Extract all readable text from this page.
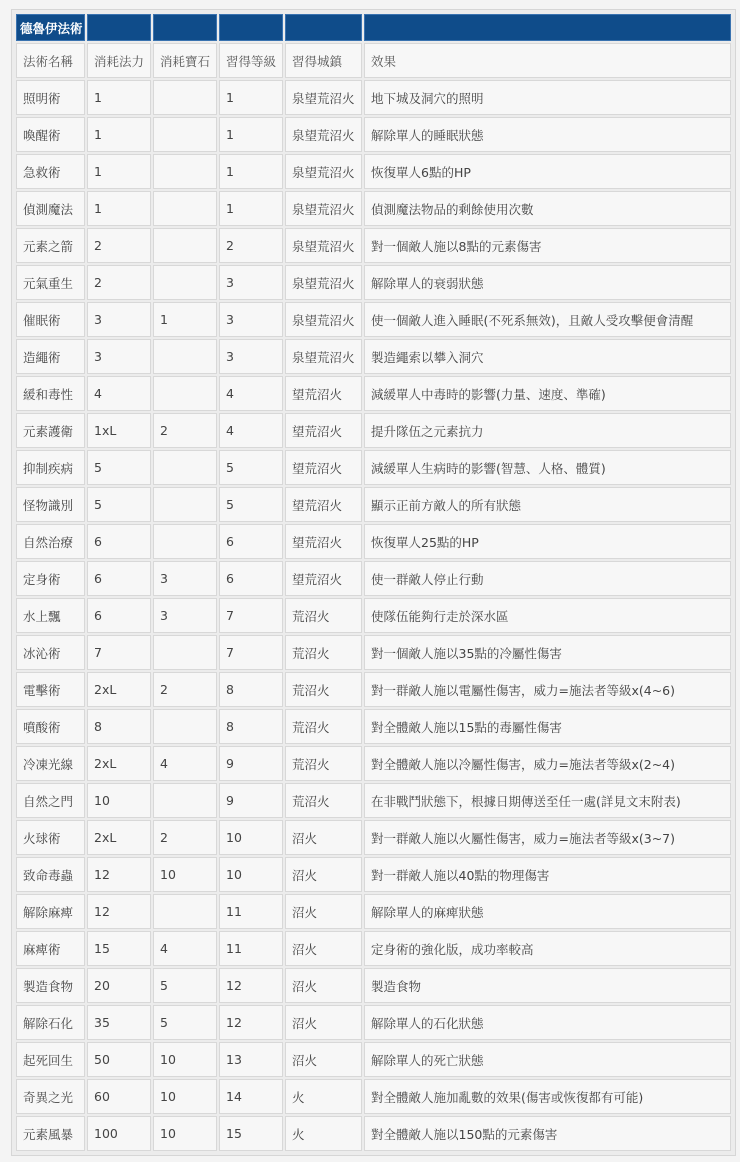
德魯伊法術					
法術名稱	消耗法力	消耗寶石	習得等級	習得城鎮	效果
照明術	1		1	泉望荒沼火	地下城及洞穴的照明
喚醒術	1		1	泉望荒沼火	解除單人的睡眠狀態
急救術	1		1	泉望荒沼火	恢復單人6點的HP
偵測魔法	1		1	泉望荒沼火	偵測魔法物品的剩餘使用次數
元素之箭	2		2	泉望荒沼火	對一個敵人施以8點的元素傷害
元氣重生	2		3	泉望荒沼火	解除單人的衰弱狀態
催眠術	3	1	3	泉望荒沼火	使一個敵人進入睡眠(不死系無效)，且敵人受攻擊便會清醒
造繩術	3		3	泉望荒沼火	製造繩索以攀入洞穴
緩和毒性	4		4	望荒沼火	減緩單人中毒時的影響(力量、速度、準確)
元素護衛	1xL	2	4	望荒沼火	提升隊伍之元素抗力
抑制疾病	5		5	望荒沼火	減緩單人生病時的影響(智慧、人格、體質)
怪物識別	5		5	望荒沼火	顯示正前方敵人的所有狀態
自然治療	6		6	望荒沼火	恢復單人25點的HP
定身術	6	3	6	望荒沼火	使一群敵人停止行動
水上飄	6	3	7	荒沼火	使隊伍能夠行走於深水區
冰沁術	7		7	荒沼火	對一個敵人施以35點的冷屬性傷害
電擊術	2xL	2	8	荒沼火	對一群敵人施以電屬性傷害，威力=施法者等級x(4~6)
噴酸術	8		8	荒沼火	對全體敵人施以15點的毒屬性傷害
冷凍光線	2xL	4	9	荒沼火	對全體敵人施以冷屬性傷害，威力=施法者等級x(2~4)
自然之門	10		9	荒沼火	在非戰鬥狀態下，根據日期傳送至任一處(詳見文末附表)
火球術	2xL	2	10	沼火	對一群敵人施以火屬性傷害，威力=施法者等級x(3~7)
致命毒蟲	12	10	10	沼火	對一群敵人施以40點的物理傷害
解除麻痺	12		11	沼火	解除單人的麻痺狀態
麻痺術	15	4	11	沼火	定身術的強化版，成功率較高
製造食物	20	5	12	沼火	製造食物
解除石化	35	5	12	沼火	解除單人的石化狀態
起死回生	50	10	13	沼火	解除單人的死亡狀態
奇異之光	60	10	14	火	對全體敵人施加亂數的效果(傷害或恢復都有可能)
元素風暴	100	10	15	火	對全體敵人施以150點的元素傷害
